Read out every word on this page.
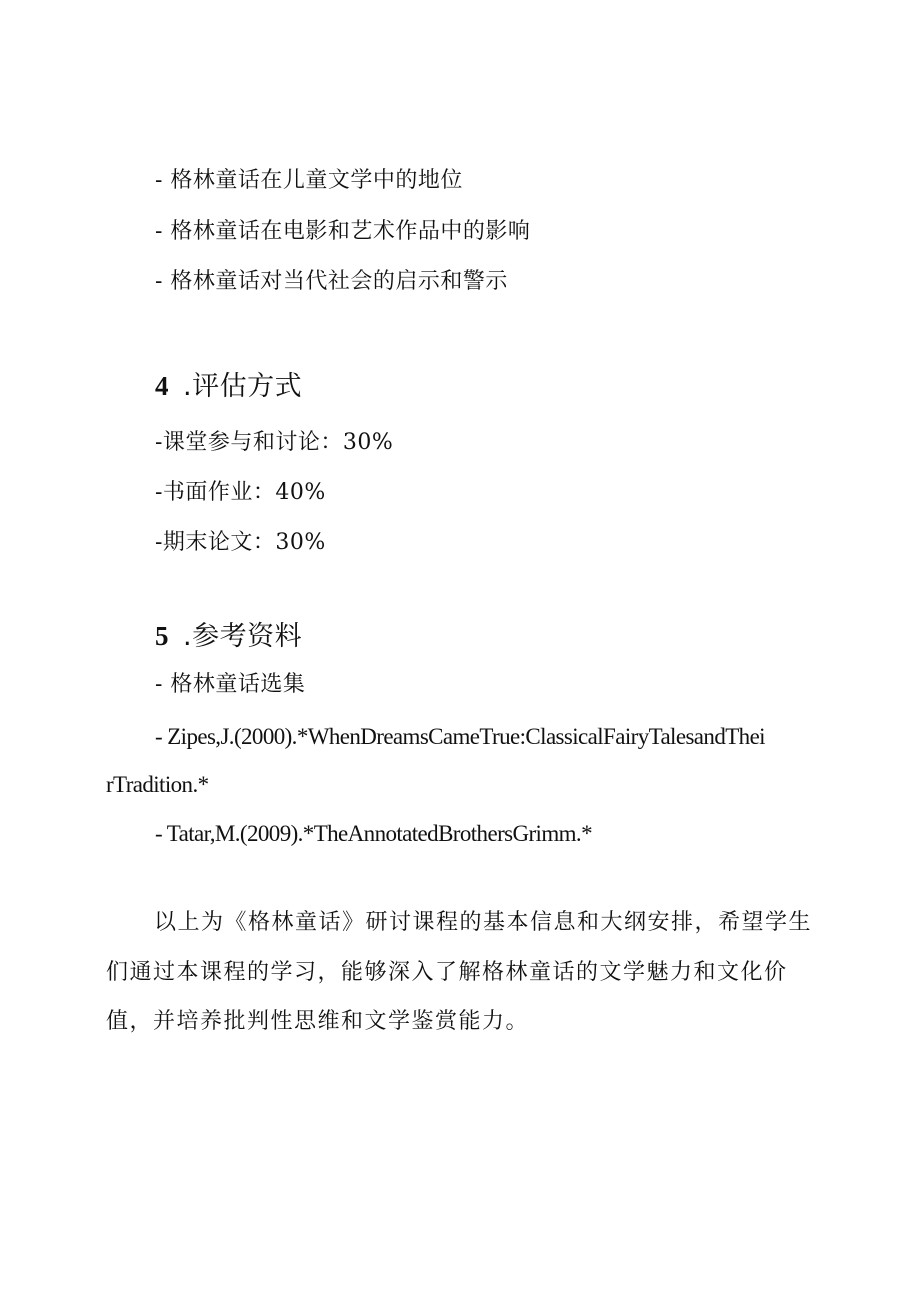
- 格林童话在儿童文学中的地位
- 格林童话在电影和艺术作品中的影响
- 格林童话对当代社会的启示和警示
4 .评估方式
-课堂参与和讨论：30%
-书面作业：40%
-期末论文：30%
5 .参考资料
- 格林童话选集
- Zipes,J.(2000).*WhenDreamsCameTrue:ClassicalFairyTalesandThei
rTradition.*
- Tatar,M.(2009).*TheAnnotatedBrothersGrimm.*
以上为《格林童话》研讨课程的基本信息和大纲安排，希望学生
们通过本课程的学习，能够深入了解格林童话的文学魅力和文化价
值，并培养批判性思维和文学鉴赏能力。
